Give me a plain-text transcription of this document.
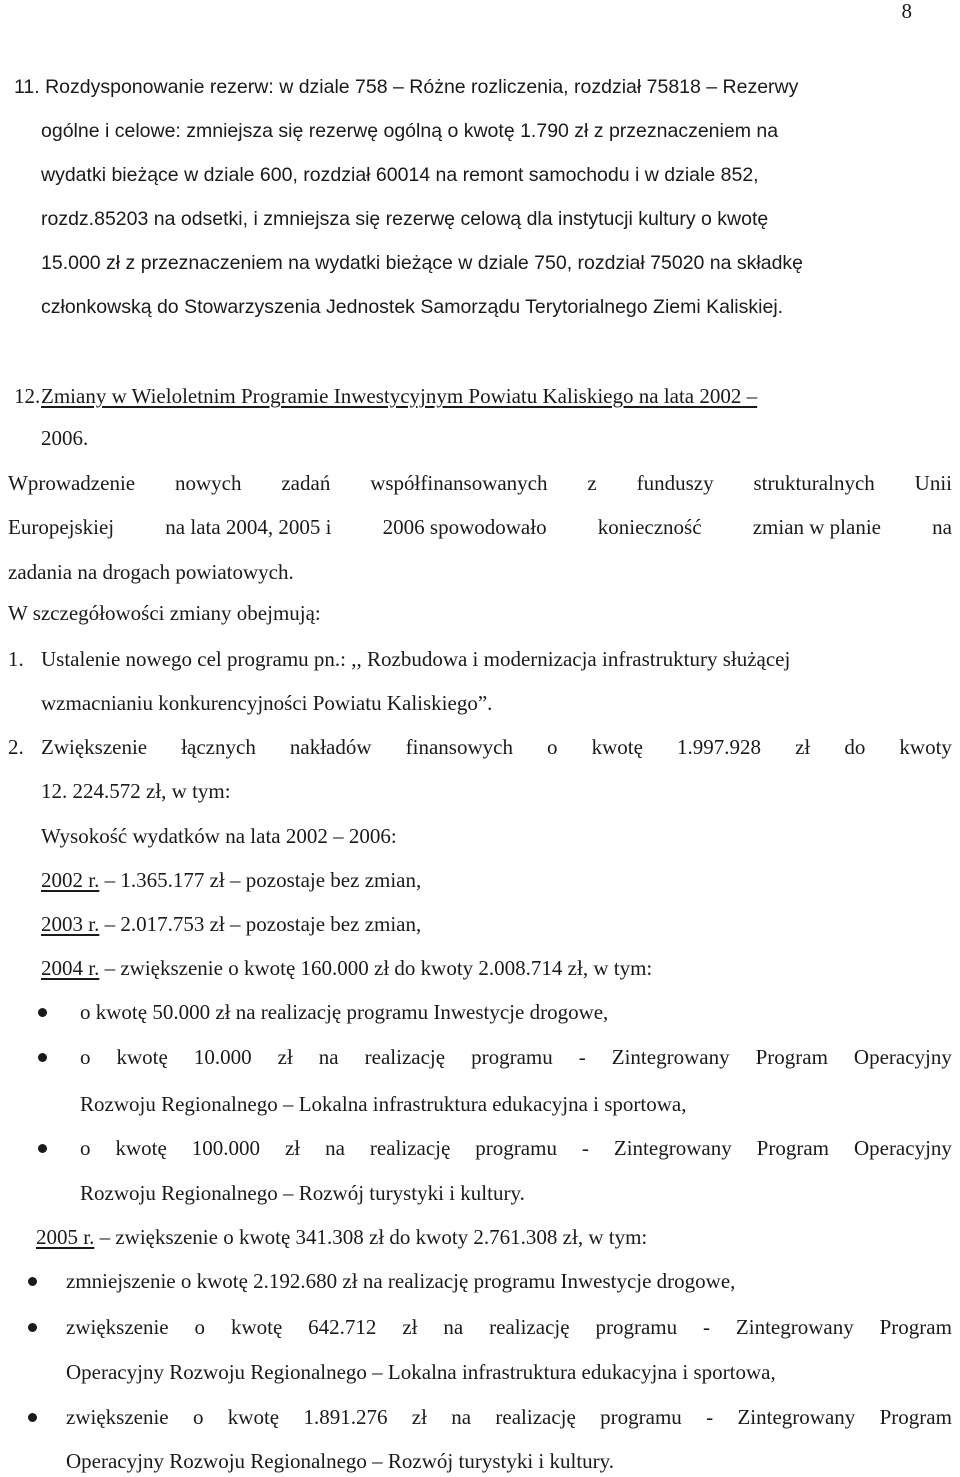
8
11. Rozdysponowanie rezerw: w dziale 758 – Różne rozliczenia, rozdział 75818 – Rezerwy
ogólne i celowe: zmniejsza się rezerwę ogólną o kwotę 1.790 zł z przeznaczeniem na
wydatki bieżące w dziale 600, rozdział 60014 na remont samochodu i w dziale 852,
rozdz.85203 na odsetki, i zmniejsza się rezerwę celową dla instytucji kultury o kwotę
15.000 zł z przeznaczeniem na wydatki bieżące w dziale 750, rozdział 75020 na składkę
członkowską do Stowarzyszenia Jednostek Samorządu Terytorialnego Ziemi Kaliskiej.
12. Zmiany w Wieloletnim Programie Inwestycyjnym Powiatu Kaliskiego na lata 2002 –
2006.
Wprowadzenie nowych zadań współfinansowanych z funduszy strukturalnych Unii
Europejskiej na lata 2004, 2005 i 2006 spowodowało konieczność zmian w planie na
zadania na drogach powiatowych.
W szczegółowości zmiany obejmują:
1. Ustalenie nowego cel programu pn.: ,, Rozbudowa i modernizacja infrastruktury służącej
wzmacnianiu konkurencyjności Powiatu Kaliskiego”.
2. Zwiększenie łącznych nakładów finansowych o kwotę 1.997.928 zł do kwoty
12. 224.572 zł, w tym:
Wysokość wydatków na lata 2002 – 2006:
2002 r. – 1.365.177 zł – pozostaje bez zmian,
2003 r. – 2.017.753 zł – pozostaje bez zmian,
2004 r. – zwiększenie o kwotę 160.000 zł do kwoty 2.008.714 zł, w tym:
o kwotę 50.000 zł na realizację programu Inwestycje drogowe,
o kwotę 10.000 zł na realizację programu - Zintegrowany Program Operacyjny
Rozwoju Regionalnego – Lokalna infrastruktura edukacyjna i sportowa,
o kwotę 100.000 zł na realizację programu - Zintegrowany Program Operacyjny
Rozwoju Regionalnego – Rozwój turystyki i kultury.
2005 r. – zwiększenie o kwotę 341.308 zł do kwoty 2.761.308 zł, w tym:
zmniejszenie o kwotę 2.192.680 zł na realizację programu Inwestycje drogowe,
zwiększenie o kwotę 642.712 zł na realizację programu - Zintegrowany Program
Operacyjny Rozwoju Regionalnego – Lokalna infrastruktura edukacyjna i sportowa,
zwiększenie o kwotę 1.891.276 zł na realizację programu - Zintegrowany Program
Operacyjny Rozwoju Regionalnego – Rozwój turystyki i kultury.
